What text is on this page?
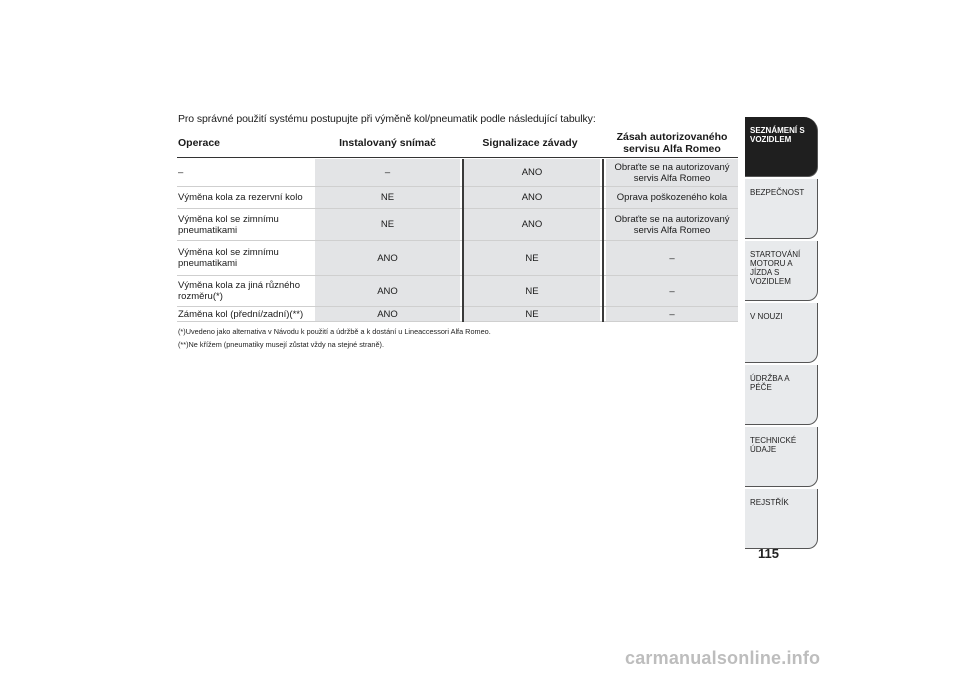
Pro správné použití systému postupujte při výměně kol/pneumatik podle následující tabulky:
Operace	Instalovaný snímač	Signalizace závady	Zásah autorizovaného servisu Alfa Romeo
–	–	ANO	Obraťte se na autorizovaný servis Alfa Romeo
Výměna kola za rezervní kolo	NE	ANO	Oprava poškozeného kola
Výměna kol se zimnímu pneumatikami	NE	ANO	Obraťte se na autorizovaný servis Alfa Romeo
Výměna kol se zimnímu pneumatikami	ANO	NE	–
Výměna kola za jiná různého rozměru(*)	ANO	NE	–
Záměna kol (přední/zadní)(**)	ANO	NE	–
(*)Uvedeno jako alternativa v Návodu k použití a údržbě a k dostání u Lineaccessori Alfa Romeo.
(**)Ne křížem (pneumatiky musejí zůstat vždy na stejné straně).
SEZNÁMENÍ S VOZIDLEM
BEZPEČNOST
STARTOVÁNÍ MOTORU A JÍZDA S VOZIDLEM
V NOUZI
ÚDRŽBA A PÉČE
TECHNICKÉ ÚDAJE
REJSTŘÍK
115
carmanualsonline.info
